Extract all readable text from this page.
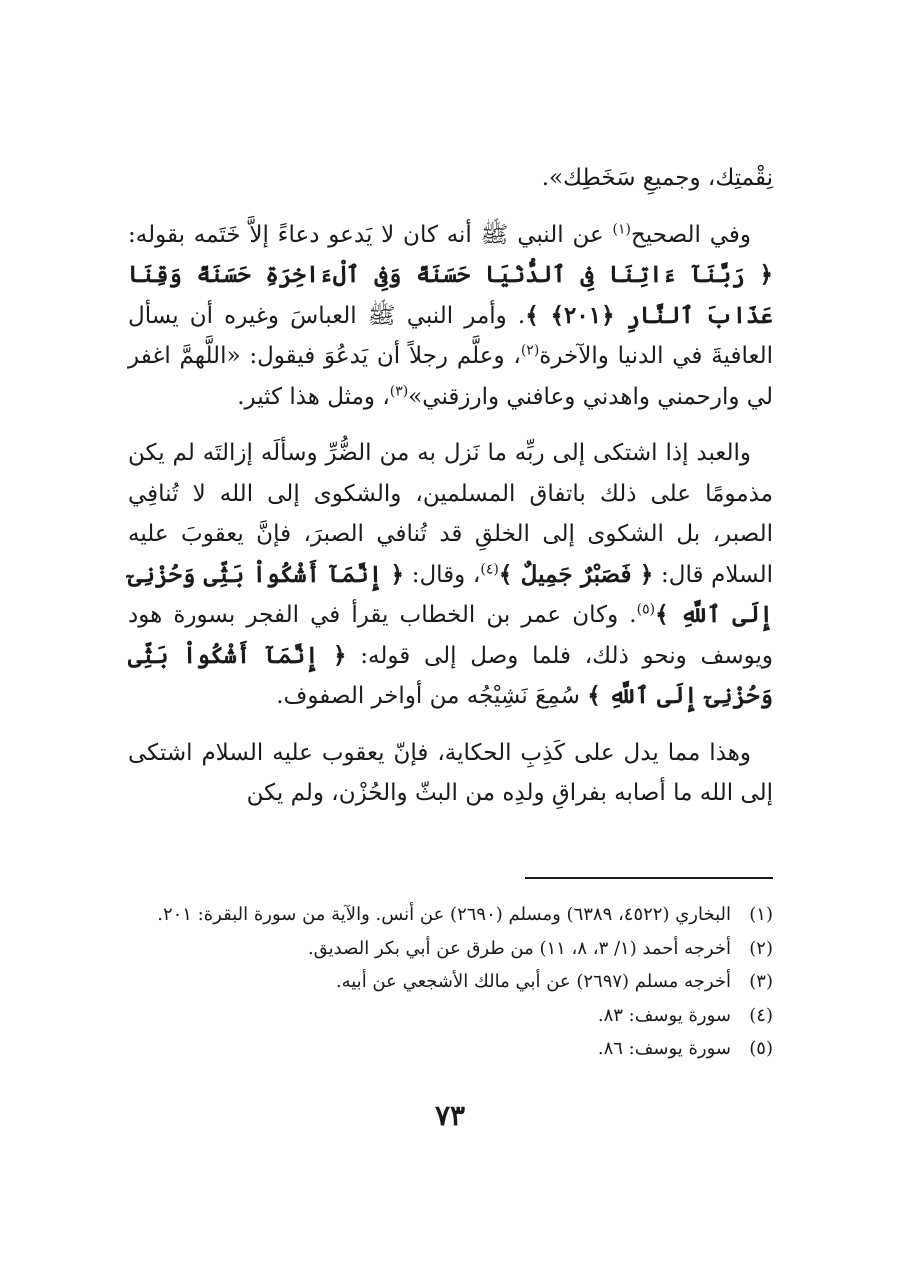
نِقْمتِك، وجميعِ سَخَطِك».

وفي الصحيح$^{(١)}$ عن النبي ﷺ أنه كان لا يَدعو دعاءً إلاَّ خَتَمه بقوله: ﴿ رَبَّنَآ ءَاتِنَا فِى ٱلدُّنْيَا حَسَنَةً وَفِى ٱلْءَاخِرَةِ حَسَنَةً وَقِنَا عَذَابَ ٱلنَّارِ ﴿٢٠١﴾ ﴾. وأمر النبي ﷺ العباسَ وغيره أن يسأل العافيةَ في الدنيا والآخرة$^{(٢)}$، وعلَّم رجلاً أن يَدعُوَ فيقول: «اللَّهمَّ اغفر لي وارحمني واهدني وعافني وارزقني»$^{(٣)}$، ومثل هذا كثير.

والعبد إذا اشتكى إلى ربِّه ما نَزل به من الضُّرِّ وسألَه إزالتَه لم يكن مذمومًا على ذلك باتفاق المسلمين، والشكوى إلى الله لا تُنافِي الصبر، بل الشكوى إلى الخلقِ قد تُنافي الصبرَ، فإنَّ يعقوبَ عليه السلام قال: ﴿ فَصَبْرٌ جَمِيلٌ ﴾$^{(٤)}$، وقال: ﴿ إِنَّمَآ أَشْكُواْ بَثِّى وَحُزْنِىٓ إِلَى ٱللَّهِ ﴾$^{(٥)}$. وكان عمر بن الخطاب يقرأ في الفجر بسورة هود ويوسف ونحو ذلك، فلما وصل إلى قوله: ﴿ إِنَّمَآ أَشْكُواْ بَثِّى وَحُزْنِىٓ إِلَى ٱللَّهِ ﴾ سُمِعَ نَشِيْجُه من أواخر الصفوف.

وهذا مما يدل على كَذِبِ الحكاية، فإنّ يعقوب عليه السلام اشتكى إلى الله ما أصابه بفراقِ ولدِه من البثّ والحُزْن، ولم يكن

(١)
البخاري (٤٥٢٢، ٦٣٨٩) ومسلم (٢٦٩٠) عن أنس. والآية من سورة البقرة: ٢٠١.
(٢)
أخرجه أحمد (١/ ٣، ٨، ١١) من طرق عن أبي بكر الصديق.
(٣)
أخرجه مسلم (٢٦٩٧) عن أبي مالك الأشجعي عن أبيه.
(٤)
سورة يوسف: ٨٣.
(٥)
سورة يوسف: ٨٦.
٧٣
